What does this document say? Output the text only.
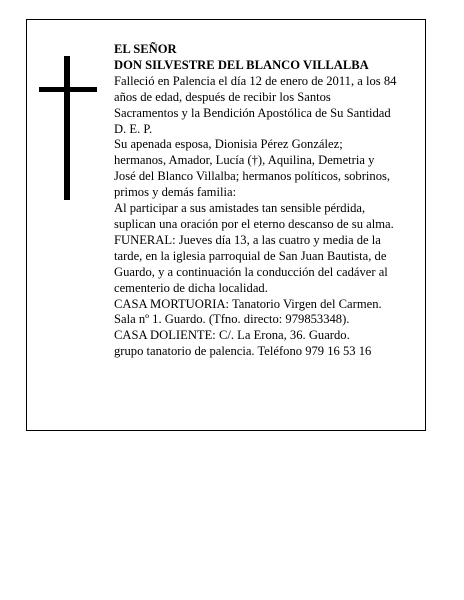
EL SEÑOR
DON SILVESTRE DEL BLANCO VILLALBA
Falleció en Palencia el día 12 de enero de 2011, a los 84
años de edad, después de recibir los Santos
Sacramentos y la Bendición Apostólica de Su Santidad
D. E. P.
Su apenada esposa, Dionisia Pérez González;
hermanos, Amador, Lucía (†), Aquilina, Demetria y
José del Blanco Villalba; hermanos políticos, sobrinos,
primos y demás familia:
Al participar a sus amistades tan sensible pérdida,
suplican una oración por el eterno descanso de su alma.
FUNERAL: Jueves día 13, a las cuatro y media de la
tarde, en la iglesia parroquial de San Juan Bautista, de
Guardo, y a continuación la conducción del cadáver al
cementerio de dicha localidad.
CASA MORTUORIA: Tanatorio Virgen del Carmen.
Sala nº 1. Guardo. (Tfno. directo: 979853348).
CASA DOLIENTE: C/. La Erona, 36. Guardo.
grupo tanatorio de palencia. Teléfono 979 16 53 16
